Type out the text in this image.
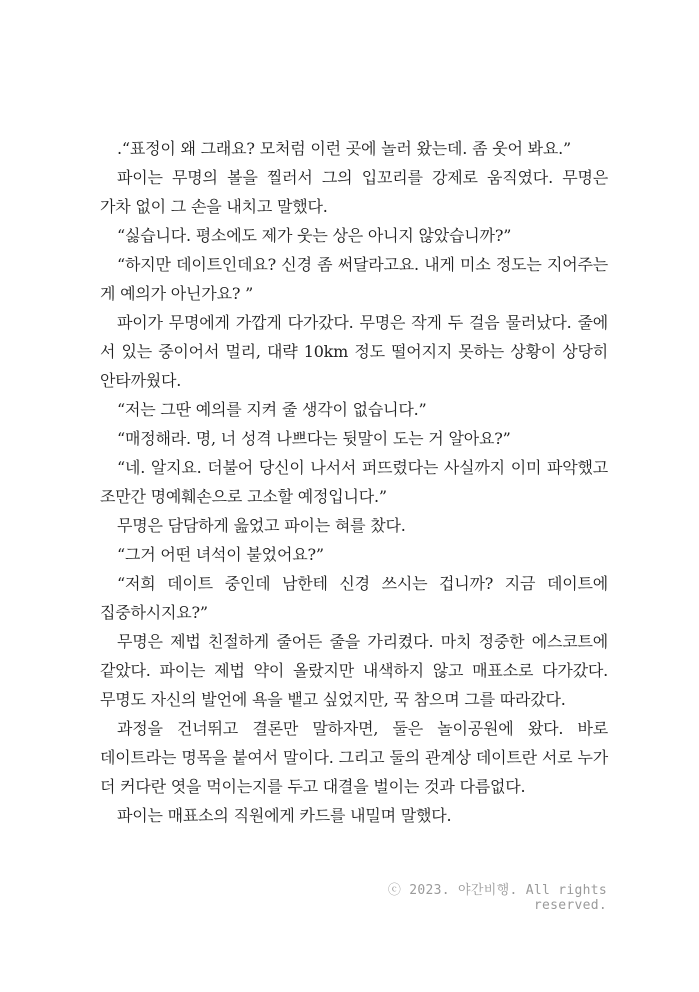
.“표정이 왜 그래요? 모처럼 이런 곳에 놀러 왔는데. 좀 웃어 봐요.”

파이는 무명의 볼을 찔러서 그의 입꼬리를 강제로 움직였다. 무명은 가차 없이 그 손을 내치고 말했다.

“싫습니다. 평소에도 제가 웃는 상은 아니지 않았습니까?”

“하지만 데이트인데요? 신경 좀 써달라고요. 내게 미소 정도는 지어주는 게 예의가 아닌가요? ”

파이가 무명에게 가깝게 다가갔다. 무명은 작게 두 걸음 물러났다. 줄에 서 있는 중이어서 멀리, 대략 10km 정도 떨어지지 못하는 상황이 상당히 안타까웠다.

“저는 그딴 예의를 지켜 줄 생각이 없습니다.”

“매정해라. 명, 너 성격 나쁘다는 뒷말이 도는 거 알아요?”

“네. 알지요. 더불어 당신이 나서서 퍼뜨렸다는 사실까지 이미 파악했고 조만간 명예훼손으로 고소할 예정입니다.”

무명은 담담하게 읊었고 파이는 혀를 찼다.

“그거 어떤 녀석이 불었어요?”

“저희 데이트 중인데 남한테 신경 쓰시는 겁니까? 지금 데이트에 집중하시지요?”

무명은 제법 친절하게 줄어든 줄을 가리켰다. 마치 정중한 에스코트에 같았다. 파이는 제법 약이 올랐지만 내색하지 않고 매표소로 다가갔다. 무명도 자신의 발언에 욕을 뱉고 싶었지만, 꾹 참으며 그를 따라갔다.

과정을 건너뛰고 결론만 말하자면, 둘은 놀이공원에 왔다. 바로 데이트라는 명목을 붙여서 말이다. 그리고 둘의 관계상 데이트란 서로 누가 더 커다란 엿을 먹이는지를 두고 대결을 벌이는 것과 다름없다.

파이는 매표소의 직원에게 카드를 내밀며 말했다.

ⓒ 2023. 야간비행. All rights reserved.
